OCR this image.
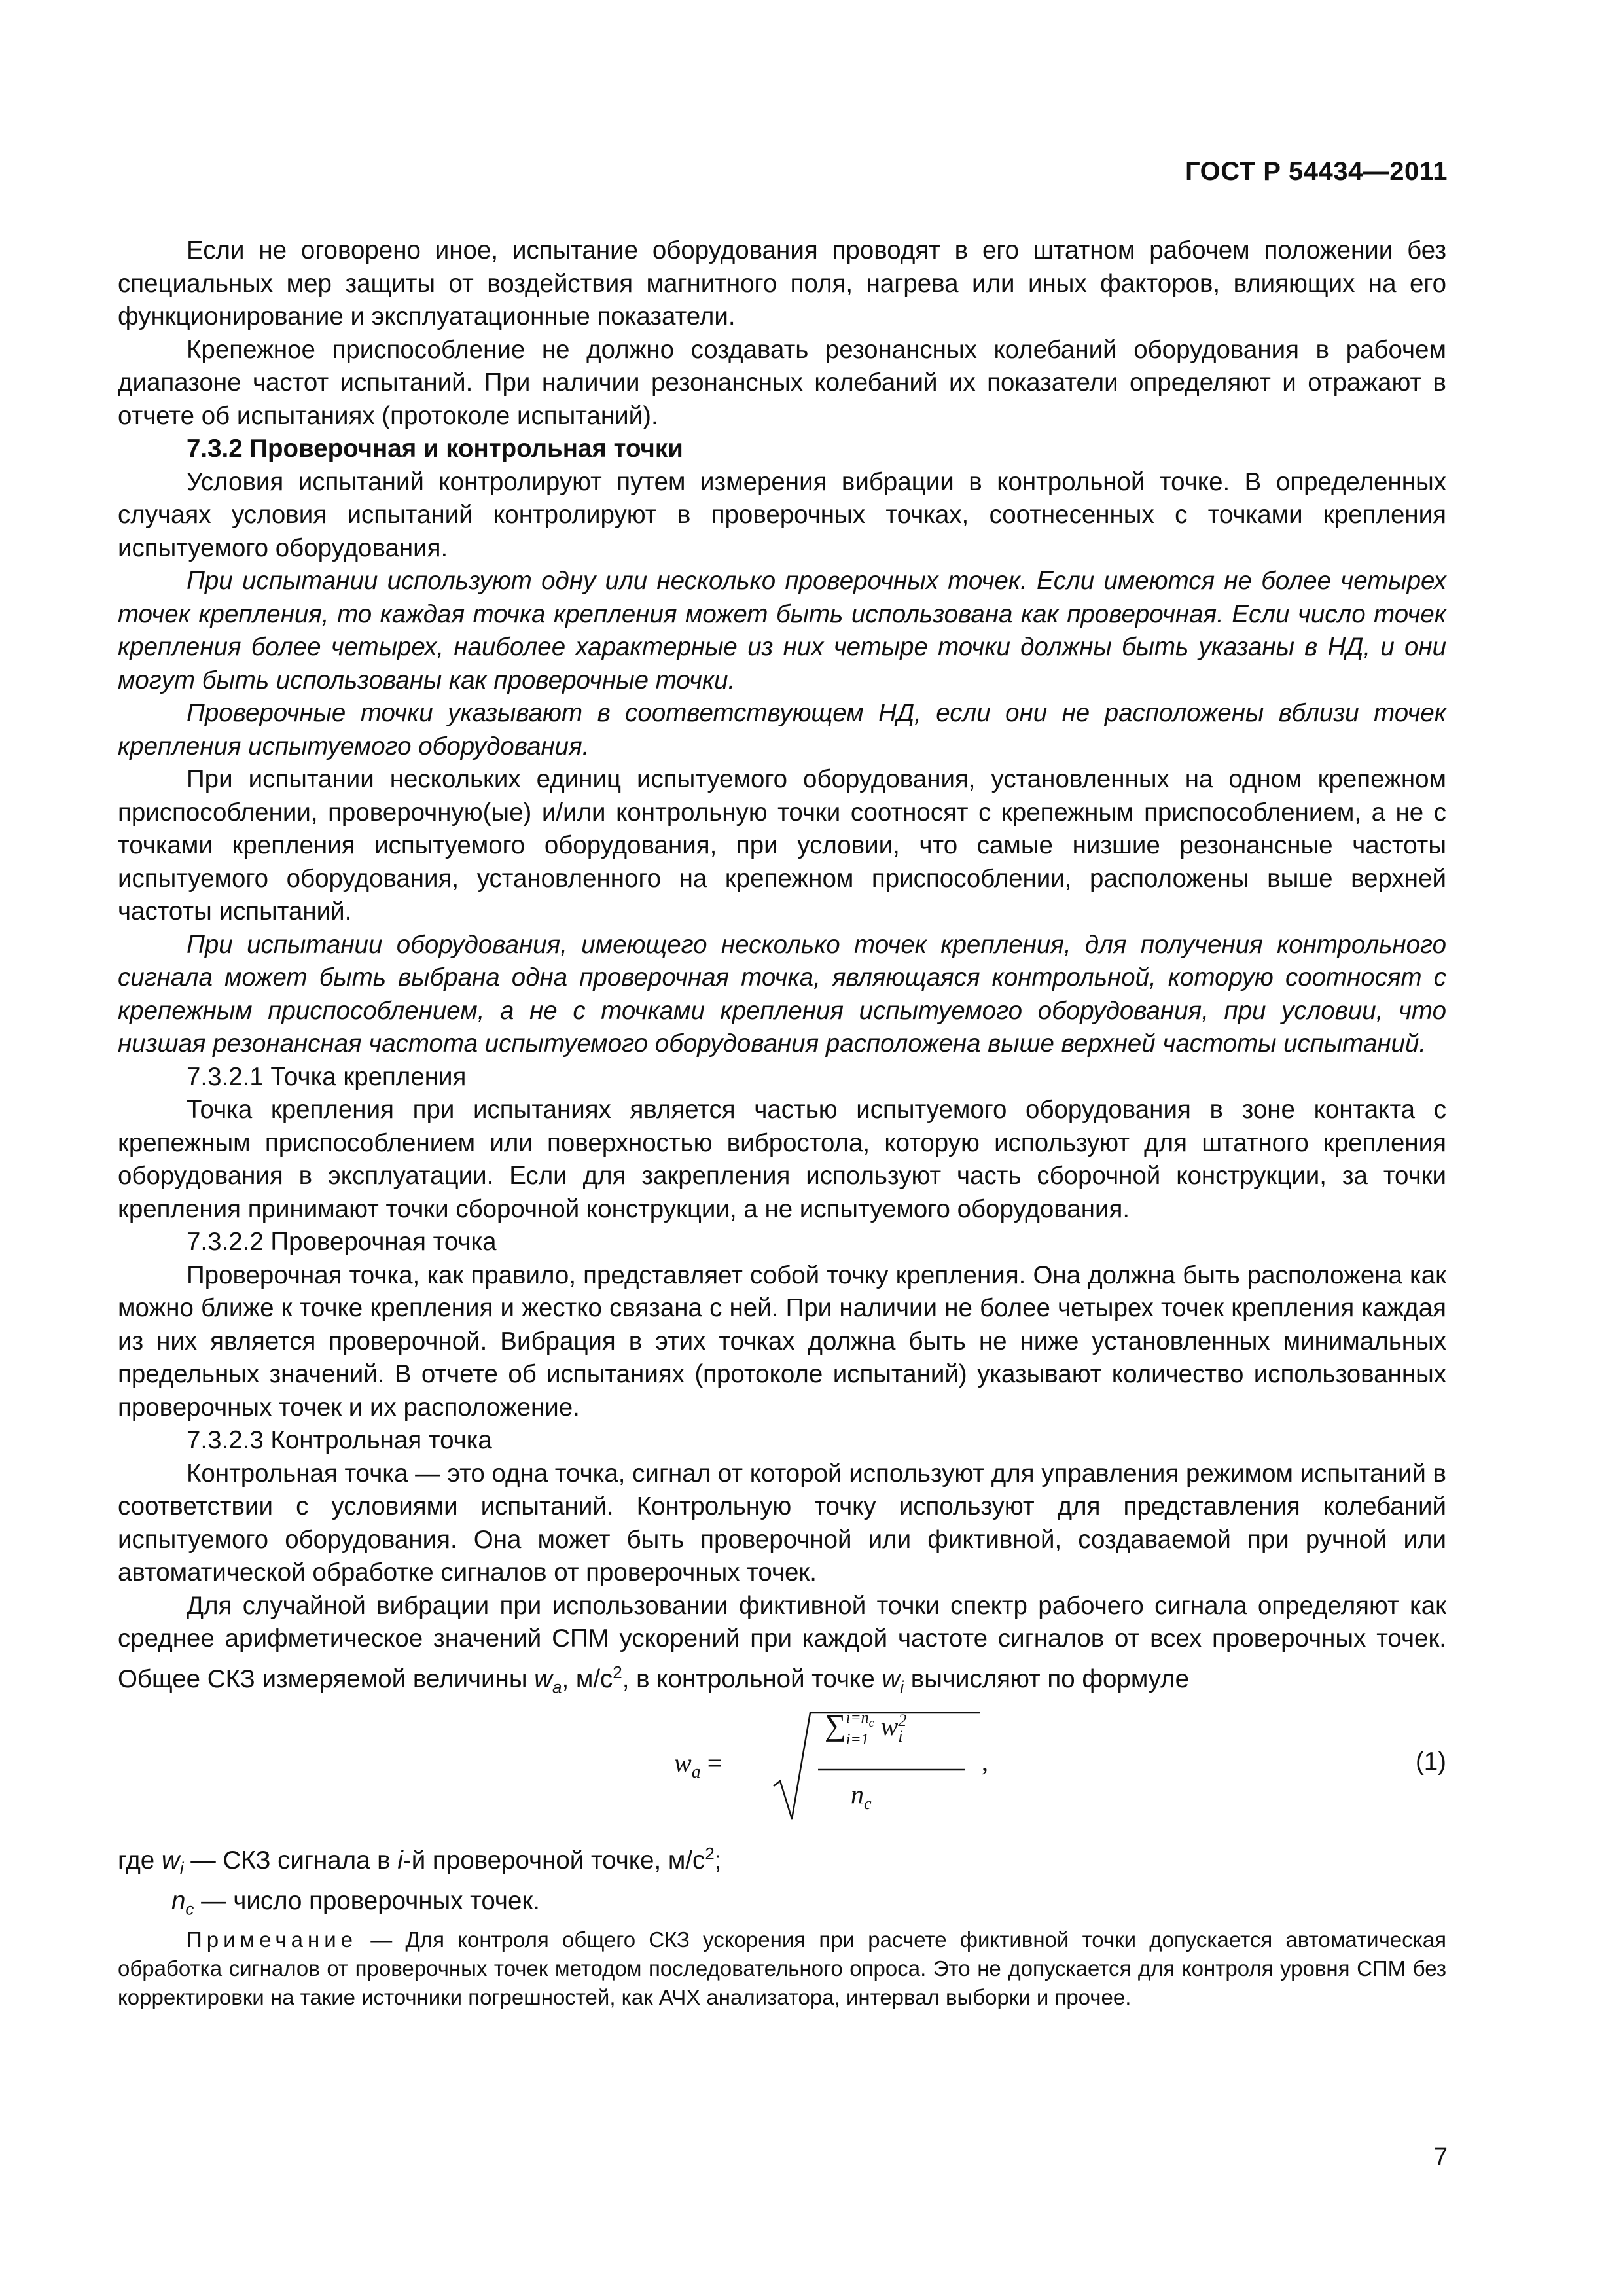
ГОСТ Р 54434—2011

Если не оговорено иное, испытание оборудования проводят в его штатном рабочем положении без специальных мер защиты от воздействия магнитного поля, нагрева или иных факторов, влияющих на его функционирование и эксплуатационные показатели.

Крепежное приспособление не должно создавать резонансных колебаний оборудования в рабочем диапазоне частот испытаний. При наличии резонансных колебаний их показатели определяют и отражают в отчете об испытаниях (протоколе испытаний).

7.3.2 Проверочная и контрольная точки

Условия испытаний контролируют путем измерения вибрации в контрольной точке. В определенных случаях условия испытаний контролируют в проверочных точках, соотнесенных с точками крепления испытуемого оборудования.

При испытании используют одну или несколько проверочных точек. Если имеются не более четырех точек крепления, то каждая точка крепления может быть использована как проверочная. Если число точек крепления более четырех, наиболее характерные из них четыре точки должны быть указаны в НД, и они могут быть использованы как проверочные точки.

Проверочные точки указывают в соответствующем НД, если они не расположены вблизи точек крепления испытуемого оборудования.

При испытании нескольких единиц испытуемого оборудования, установленных на одном крепежном приспособлении, проверочную(ые) и/или контрольную точки соотносят с крепежным приспособлением, а не с точками крепления испытуемого оборудования, при условии, что самые низшие резонансные частоты испытуемого оборудования, установленного на крепежном приспособлении, расположены выше верхней частоты испытаний.

При испытании оборудования, имеющего несколько точек крепления, для получения контрольного сигнала может быть выбрана одна проверочная точка, являющаяся контрольной, которую соотносят с крепежным приспособлением, а не с точками крепления испытуемого оборудования, при условии, что низшая резонансная частота испытуемого оборудования расположена выше верхней частоты испытаний.

7.3.2.1 Точка крепления

Точка крепления при испытаниях является частью испытуемого оборудования в зоне контакта с крепежным приспособлением или поверхностью вибростола, которую используют для штатного крепления оборудования в эксплуатации. Если для закрепления используют часть сборочной конструкции, за точки крепления принимают точки сборочной конструкции, а не испытуемого оборудования.

7.3.2.2 Проверочная точка

Проверочная точка, как правило, представляет собой точку крепления. Она должна быть расположена как можно ближе к точке крепления и жестко связана с ней. При наличии не более четырех точек крепления каждая из них является проверочной. Вибрация в этих точках должна быть не ниже установленных минимальных предельных значений. В отчете об испытаниях (протоколе испытаний) указывают количество использованных проверочных точек и их расположение.

7.3.2.3 Контрольная точка

Контрольная точка — это одна точка, сигнал от которой используют для управления режимом испытаний в соответствии с условиями испытаний. Контрольную точку используют для представления колебаний испытуемого оборудования. Она может быть проверочной или фиктивной, создаваемой при ручной или автоматической обработке сигналов от проверочных точек.

Для случайной вибрации при использовании фиктивной точки спектр рабочего сигнала определяют как среднее арифметическое значений СПМ ускорений при каждой частоте сигналов от всех проверочных точек. Общее СКЗ измеряемой величины $w_a$, $м/с^2$, в контрольной точке $w_i$ вычисляют по формуле

$w_a$ =
$\sum i=n_c$
i=1 w2
i
$n_c$
,	(1)

где $w_i$ — СКЗ сигнала в i-й проверочной точке, $м/с^2$;

$n_c$ — число проверочных точек.

Примечание — Для контроля общего СКЗ ускорения при расчете фиктивной точки допускается автоматическая обработка сигналов от проверочных точек методом последовательного опроса. Это не допускается для контроля уровня СПМ без корректировки на такие источники погрешностей, как АЧХ анализатора, интервал выборки и прочее.

7
